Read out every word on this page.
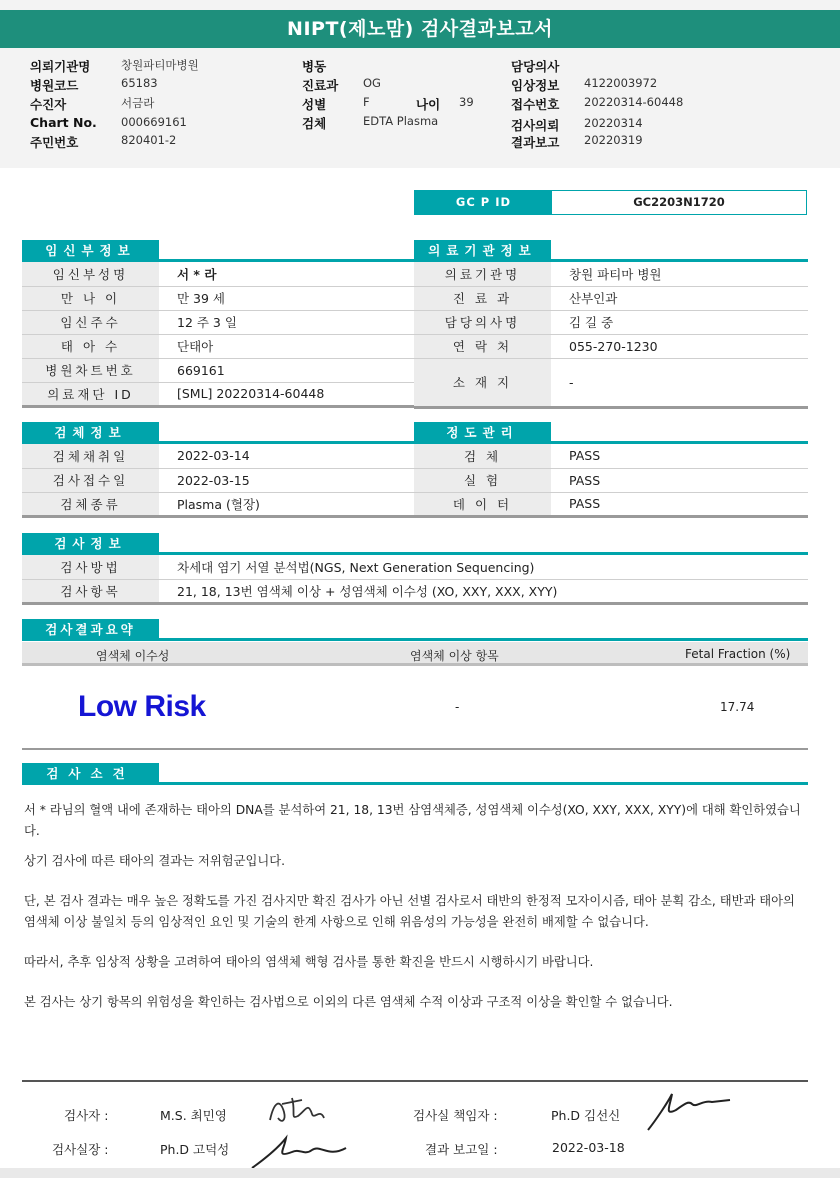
NIPT(제노맘) 검사결과보고서
의뢰기관명	창원파티마병원
병원코드	65183
수진자	서금라
Chart No. 000669161
주민번호	820401-2
병동
진료과 OG
성별	F	나이 39
검체	EDTA Plasma
담당의사
임상정보 4122003972
접수번호 20220314-60448
검사의뢰 20220314
결과보고 20220319
GC P ID	GC2203N1720
임신부정보
임신부성명	서 * 라
만 나 이	만 39 세
임신주수	12 주 3 일
태 아 수	단태아
병원차트번호	669161
의료재단 ID	[SML] 20220314-60448
의료기관정보
의료기관명	창원 파티마 병원
진 료 과	산부인과
담당의사명	김 길 중
연 락 처	055-270-1230
소 재 지	-
검체정보
검체채취일	2022-03-14
검사접수일	2022-03-15
검체종류	Plasma (혈장)
정도관리
검 체	PASS
실 험	PASS
데 이 터	PASS
검사정보
검사방법	차세대 염기 서열 분석법(NGS, Next Generation Sequencing)
검사항목	21, 18, 13번 염색체 이상 + 성염색체 이수성 (XO, XXY, XXX, XYY)
검사결과요약
염색체 이수성	염색체 이상 항목	Fetal Fraction (%)
Low Risk	-	17.74
검사소견
서 * 라님의 혈액 내에 존재하는 태아의 DNA를 분석하여 21, 18, 13번 삼염색체증, 성염색체 이수성(XO, XXY, XXX, XYY)에 대해 확인하였습니다.
상기 검사에 따른 태아의 결과는 저위험군입니다.
단, 본 검사 결과는 매우 높은 정확도를 가진 검사지만 확진 검사가 아닌 선별 검사로서 태반의 한정적 모자이시즘, 태아 분획 감소, 태반과 태아의 염색체 이상 불일치 등의 임상적인 요인 및 기술의 한계 사항으로 인해 위음성의 가능성을 완전히 배제할 수 없습니다.
따라서, 추후 임상적 상황을 고려하여 태아의 염색체 핵형 검사를 통한 확진을 반드시 시행하시기 바랍니다.
본 검사는 상기 항목의 위험성을 확인하는 검사법으로 이외의 다른 염색체 수적 이상과 구조적 이상을 확인할 수 없습니다.
검사자 :	M.S. 최민영	검사실 책임자 :	Ph.D 김선신
검사실장 :	Ph.D 고덕성	결과 보고일 :	2022-03-18
